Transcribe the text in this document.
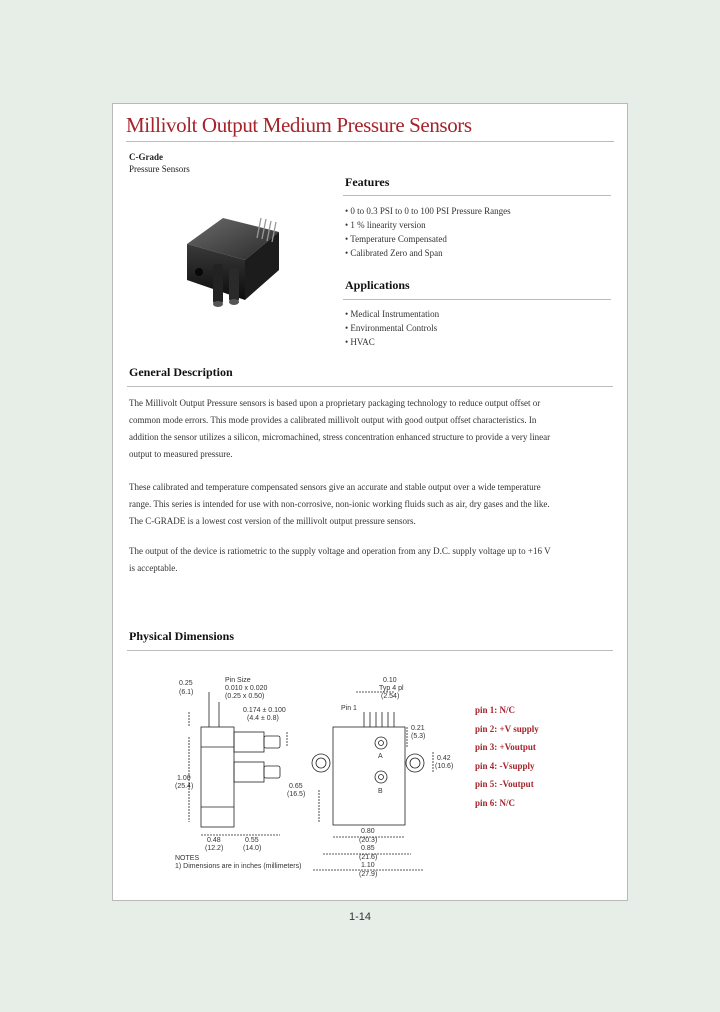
Millivolt Output Medium Pressure Sensors
C-Grade
Pressure Sensors
Features
• 0 to 0.3 PSI to 0 to 100 PSI Pressure Ranges
• 1 % linearity version
• Temperature Compensated
• Calibrated Zero and Span
Applications
• Medical Instrumentation
• Environmental Controls
• HVAC
General Description
The Millivolt Output Pressure sensors is based upon a proprietary packaging technology to reduce output offset or common mode errors. This mode provides a calibrated millivolt output with good output offset characteristics. In addition the sensor utilizes a silicon, micromachined, stress concentration enhanced structure to provide a very linear output to measured pressure.
These calibrated and temperature compensated sensors give an accurate and stable output over a wide temperature range. This series is intended for use with non-corrosive, non-ionic working fluids such as air, dry gases and the like. The C-GRADE is a lowest cost version of the millivolt output pressure sensors.
The output of the device is ratiometric to the supply voltage and operation from any D.C. supply voltage up to +16 V is acceptable.
Physical Dimensions
0.25
(6.1)
Pin Size
0.010 x 0.020
(0.25 x 0.50)
0.174 ± 0.100
(4.4 ± 0.8)
1.00
(25.4)
0.48
(12.2)
0.55
(14.0)
NOTES
1) Dimensions are in inches (millimeters)
0.10
Typ 4 pl
(2.54)
Pin 1
0.21
(5.3)
0.42
(10.6)
0.65
(16.5)
A
B
0.80
(20.3)
0.85
(21.6)
1.10
(27.9)
pin 1: N/C
pin 2: +V supply
pin 3: +Voutput
pin 4: -Vsupply
pin 5: -Voutput
pin 6: N/C
1-14
